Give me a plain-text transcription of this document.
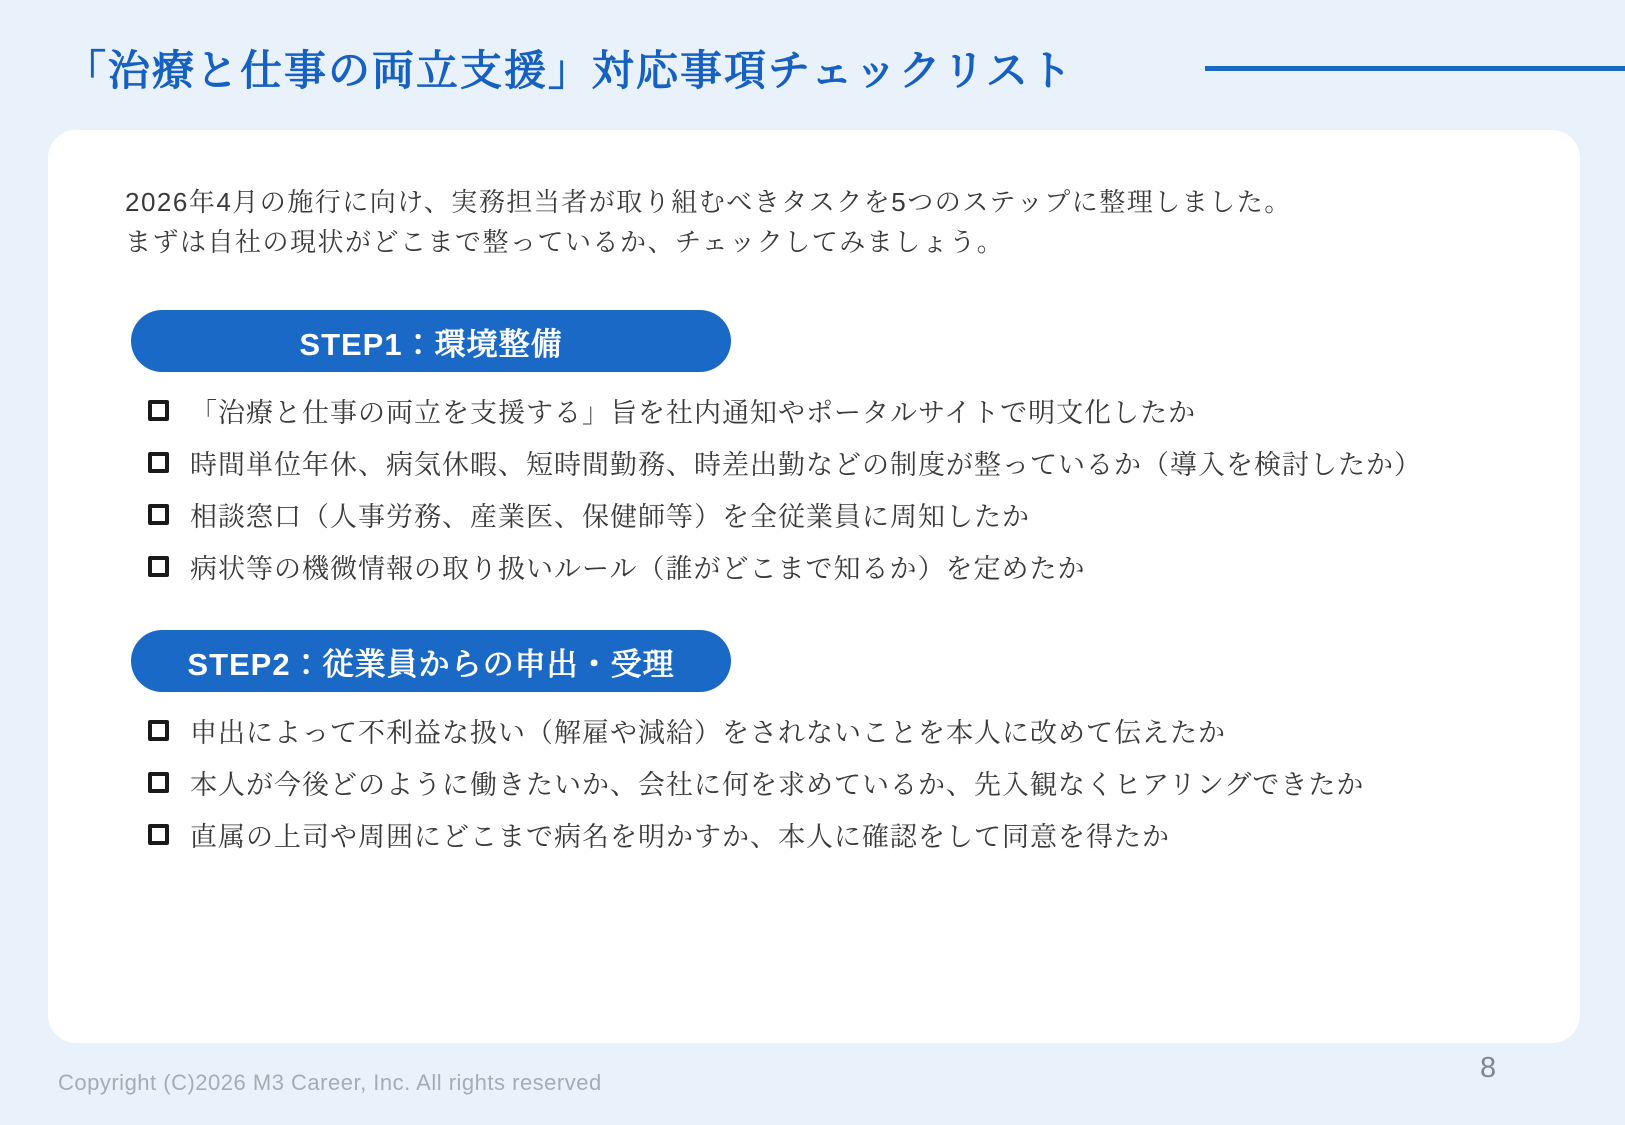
「治療と仕事の両立支援」対応事項チェックリスト

2026年4月の施行に向け、実務担当者が取り組むべきタスクを5つのステップに整理しました。
まずは自社の現状がどこまで整っているか、チェックしてみましょう。

STEP1：環境整備
「治療と仕事の両立を支援する」旨を社内通知やポータルサイトで明文化したか
時間単位年休、病気休暇、短時間勤務、時差出勤などの制度が整っているか（導入を検討したか）
相談窓口（人事労務、産業医、保健師等）を全従業員に周知したか
病状等の機微情報の取り扱いルール（誰がどこまで知るか）を定めたか
STEP2：従業員からの申出・受理
申出によって不利益な扱い（解雇や減給）をされないことを本人に改めて伝えたか
本人が今後どのように働きたいか、会社に何を求めているか、先入観なくヒアリングできたか
直属の上司や周囲にどこまで病名を明かすか、本人に確認をして同意を得たか
8
Copyright (C)2026 M3 Career, Inc. All rights reserved
